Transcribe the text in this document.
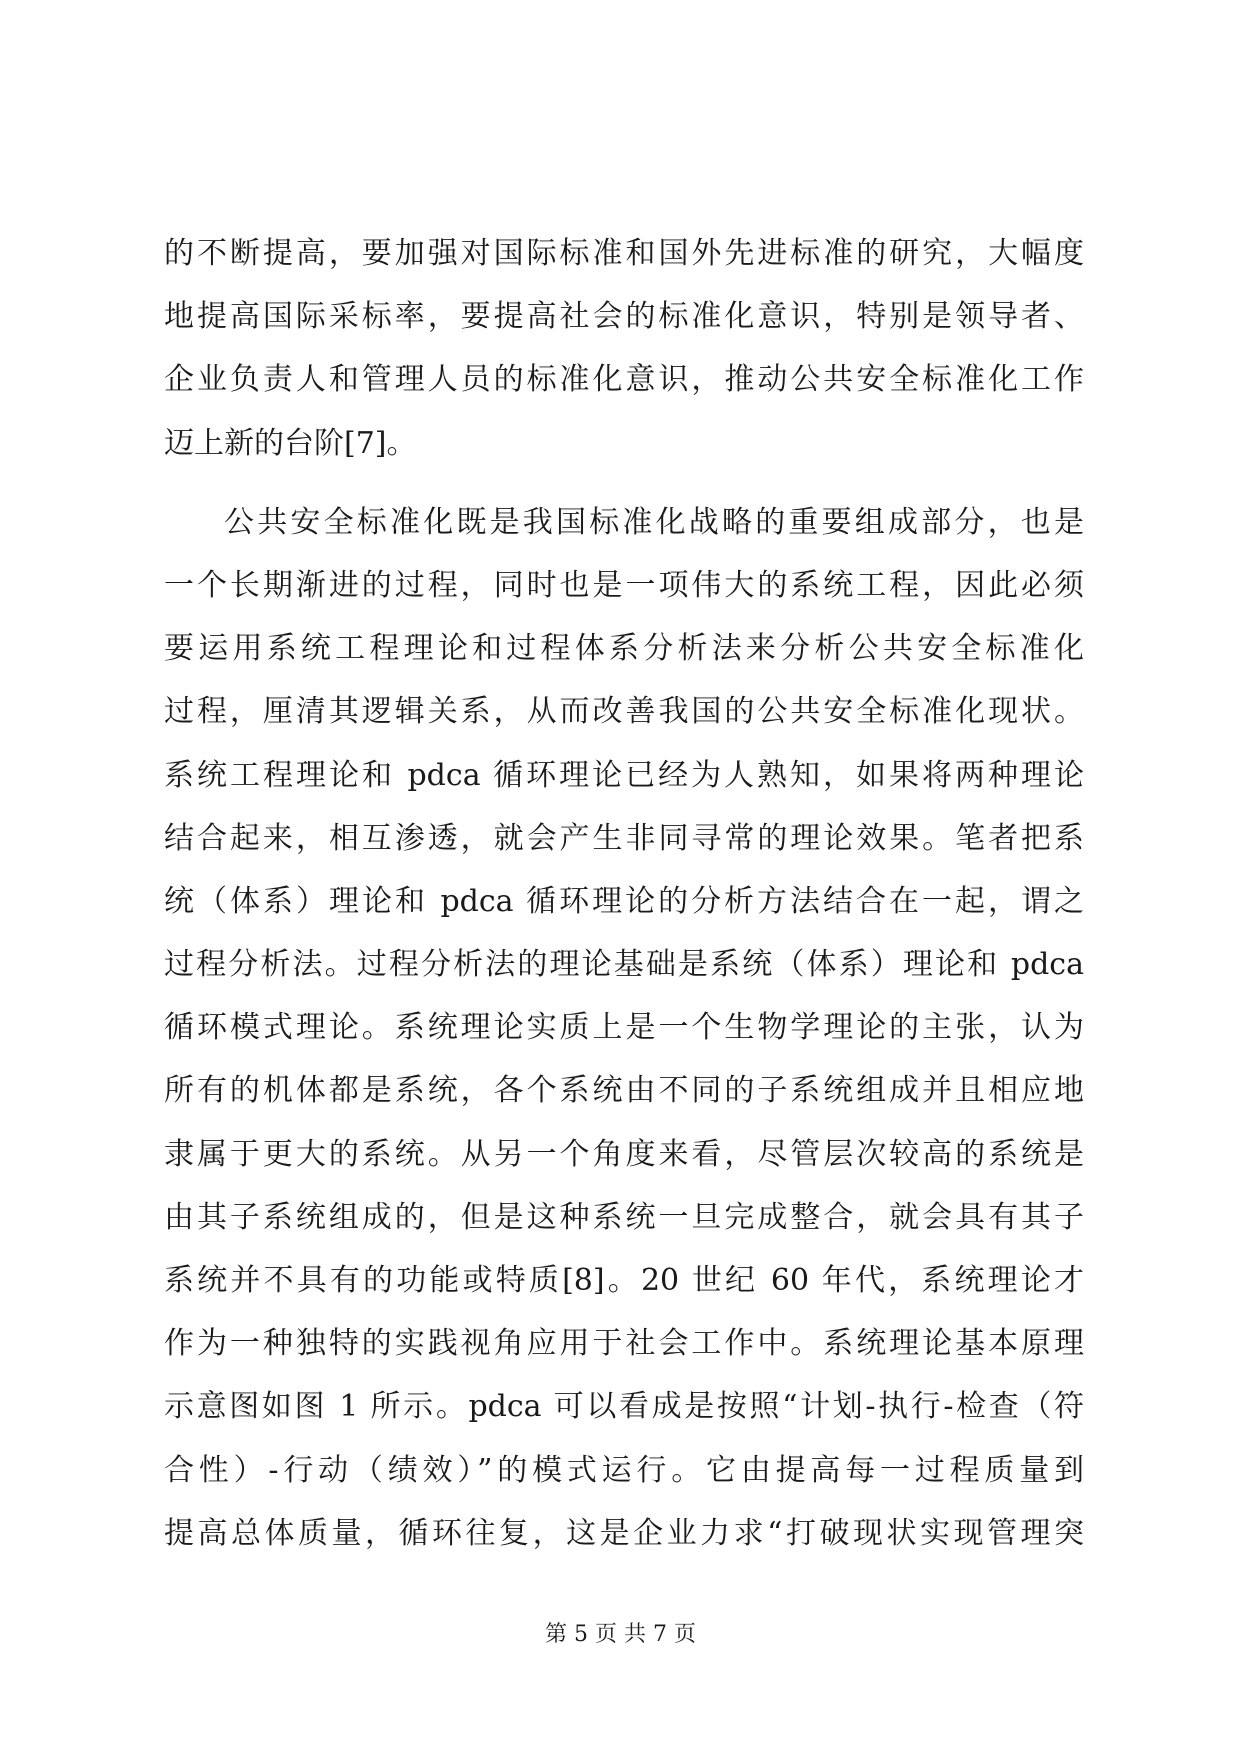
的不断提高，要加强对国际标准和国外先进标准的研究，大幅度
地提高国际采标率，要提高社会的标准化意识，特别是领导者、
企业负责人和管理人员的标准化意识，推动公共安全标准化工作
迈上新的台阶[7]。
公共安全标准化既是我国标准化战略的重要组成部分，也是
一个长期渐进的过程，同时也是一项伟大的系统工程，因此必须
要运用系统工程理论和过程体系分析法来分析公共安全标准化
过程，厘清其逻辑关系，从而改善我国的公共安全标准化现状。
系统工程理论和 pdca 循环理论已经为人熟知，如果将两种理论
结合起来，相互渗透，就会产生非同寻常的理论效果。笔者把系
统（体系）理论和 pdca 循环理论的分析方法结合在一起，谓之
过程分析法。过程分析法的理论基础是系统（体系）理论和 pdca
循环模式理论。系统理论实质上是一个生物学理论的主张，认为
所有的机体都是系统，各个系统由不同的子系统组成并且相应地
隶属于更大的系统。从另一个角度来看，尽管层次较高的系统是
由其子系统组成的，但是这种系统一旦完成整合，就会具有其子
系统并不具有的功能或特质[8]。20 世纪 60 年代，系统理论才
作为一种独特的实践视角应用于社会工作中。系统理论基本原理
示意图如图 1 所示。pdca 可以看成是按照“计划-执行-检查（符
合性）-行动（绩效）”的模式运行。它由提高每一过程质量到
提高总体质量，循环往复，这是企业力求“打破现状实现管理突
第 5 页 共 7 页
